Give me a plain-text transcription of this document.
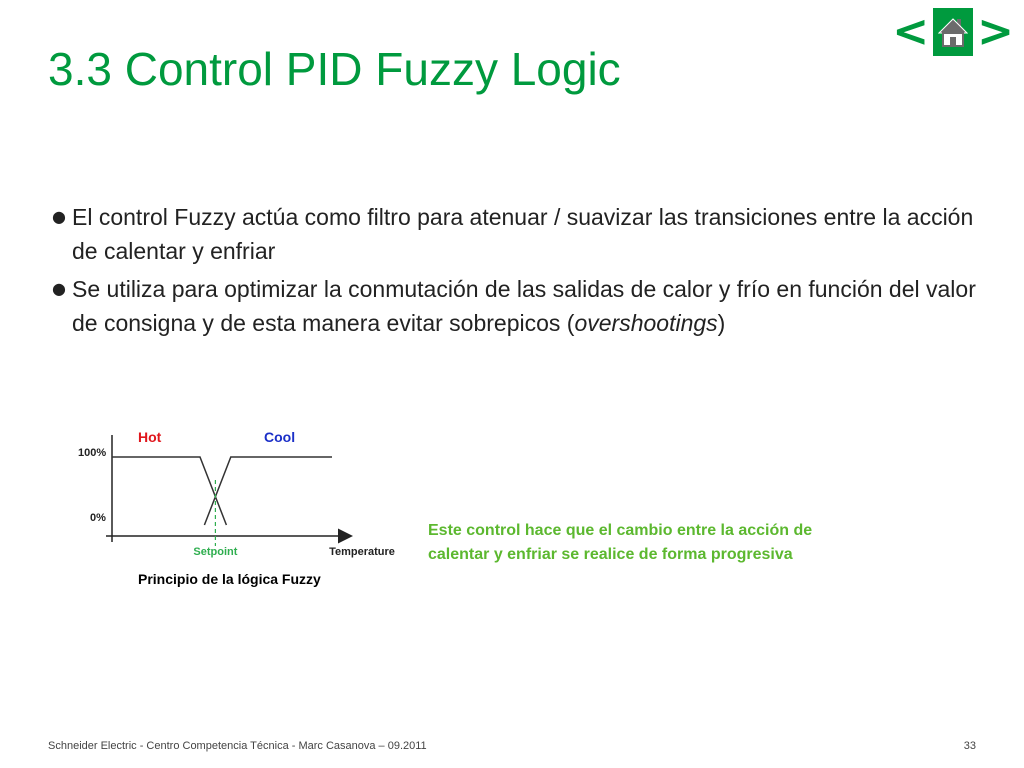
3.3 Control PID Fuzzy Logic
< >
● El control Fuzzy actúa como filtro para atenuar / suavizar las transiciones entre la acción de calentar y enfriar
● Se utiliza para optimizar la conmutación de las salidas de calor y frío en función del valor de consigna y de esta manera evitar sobrepicos (overshootings)
100%
0%
Hot	Cool
Setpoint	Temperature
Principio de la lógica Fuzzy
Este control hace que el cambio entre la acción de calentar y enfriar se realice de forma progresiva
Schneider Electric - Centro Competencia Técnica - Marc Casanova – 09.2011	33
